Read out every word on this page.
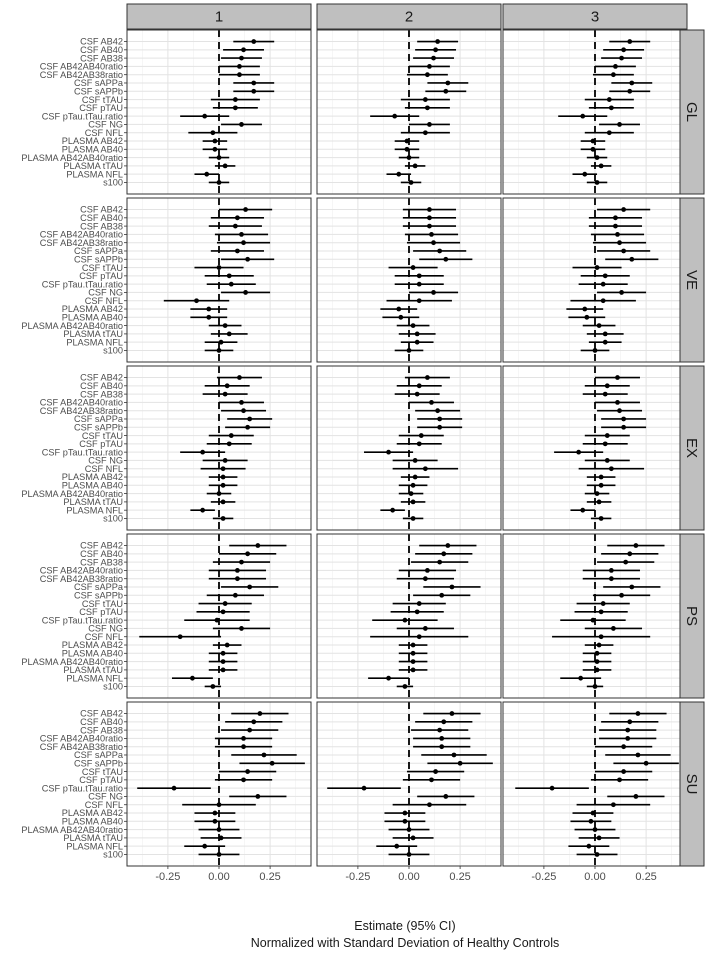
1	2	3
GL
VE
EX
PS
SU
CSF AB42
CSF AB40
CSF AB38
CSF AB42AB40ratio
CSF AB42AB38ratio
CSF sAPPa
CSF sAPPb
CSF tTAU
CSF pTAU
CSF pTau.tTau.ratio
CSF NG
CSF NFL
PLASMA AB42
PLASMA AB40
PLASMA AB42AB40ratio
PLASMA tTAU
PLASMA NFL
s100
CSF AB42
CSF AB40
CSF AB38
CSF AB42AB40ratio
CSF AB42AB38ratio
CSF sAPPa
CSF sAPPb
CSF tTAU
CSF pTAU
CSF pTau.tTau.ratio
CSF NG
CSF NFL
PLASMA AB42
PLASMA AB40
PLASMA AB42AB40ratio
PLASMA tTAU
PLASMA NFL
s100
CSF AB42
CSF AB40
CSF AB38
CSF AB42AB40ratio
CSF AB42AB38ratio
CSF sAPPa
CSF sAPPb
CSF tTAU
CSF pTAU
CSF pTau.tTau.ratio
CSF NG
CSF NFL
PLASMA AB42
PLASMA AB40
PLASMA AB42AB40ratio
PLASMA tTAU
PLASMA NFL
s100
CSF AB42
CSF AB40
CSF AB38
CSF AB42AB40ratio
CSF AB42AB38ratio
CSF sAPPa
CSF sAPPb
CSF tTAU
CSF pTAU
CSF pTau.tTau.ratio
CSF NG
CSF NFL
PLASMA AB42
PLASMA AB40
PLASMA AB42AB40ratio
PLASMA tTAU
PLASMA NFL
s100
CSF AB42
CSF AB40
CSF AB38
CSF AB42AB40ratio
CSF AB42AB38ratio
CSF sAPPa
CSF sAPPb
CSF tTAU
CSF pTAU
CSF pTau.tTau.ratio
CSF NG
CSF NFL
PLASMA AB42
PLASMA AB40
PLASMA AB42AB40ratio
PLASMA tTAU
PLASMA NFL
s100
-0.25	0.00	0.25	-0.25	0.00	0.25	-0.25	0.00	0.25
Estimate (95% CI)
Normalized with Standard Deviation of Healthy Controls
